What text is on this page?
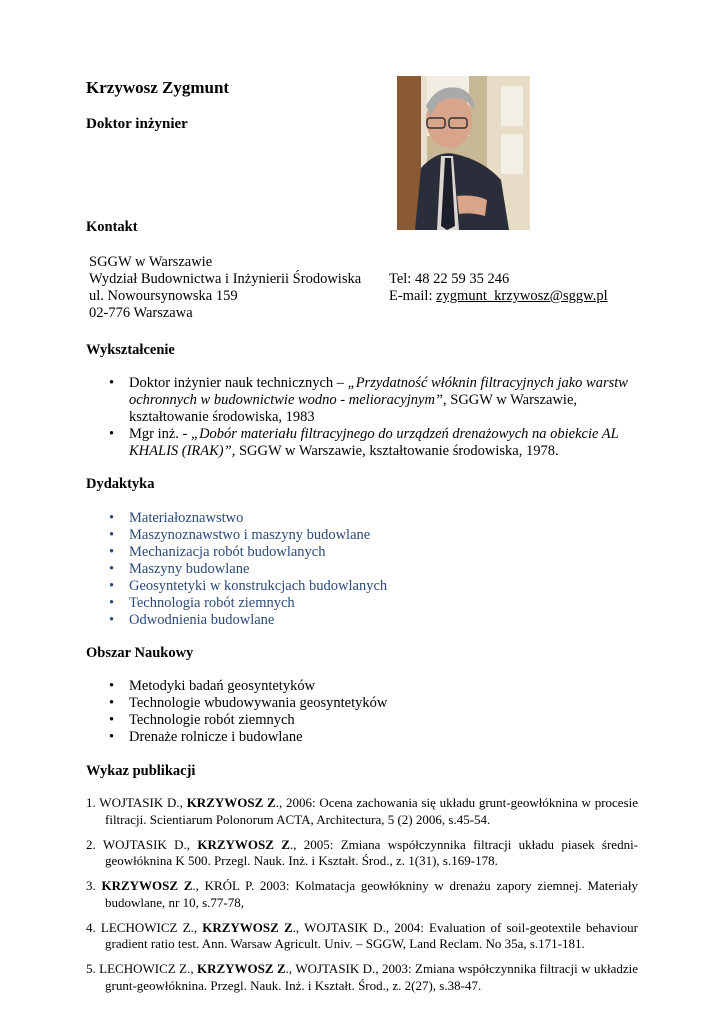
Krzywosz Zygmunt
Doktor inżynier
Kontakt
SGGW w Warszawie
Wydział Budownictwa i Inżynierii Środowiska
ul. Nowoursynowska 159
02-776 Warszawa
Tel: 48 22 59 35 246
E-mail: zygmunt_krzywosz@sggw.pl
Wykształcenie
• Doktor inżynier nauk technicznych – „Przydatność włóknin filtracyjnych jako warstw ochronnych w budownictwie wodno - melioracyjnym”, SGGW w Warszawie, kształtowanie środowiska, 1983
• Mgr inż. - „Dobór materiału filtracyjnego do urządzeń drenażowych na obiekcie AL KHALIS (IRAK)”, SGGW w Warszawie, kształtowanie środowiska, 1978.
Dydaktyka
• Materiałoznawstwo
• Maszynoznawstwo i maszyny budowlane
• Mechanizacja robót budowlanych
• Maszyny budowlane
• Geosyntetyki w konstrukcjach budowlanych
• Technologia robót ziemnych
• Odwodnienia budowlane
Obszar Naukowy
• Metodyki badań geosyntetyków
• Technologie wbudowywania geosyntetyków
• Technologie robót ziemnych
• Drenaże rolnicze i budowlane
Wykaz publikacji
1. WOJTASIK D., KRZYWOSZ Z., 2006: Ocena zachowania się układu grunt-geowłóknina w procesie filtracji. Scientiarum Polonorum ACTA, Architectura, 5 (2) 2006, s.45-54.
2. WOJTASIK D., KRZYWOSZ Z., 2005: Zmiana współczynnika filtracji układu piasek średni-geowłóknina K 500. Przegl. Nauk. Inż. i Kształt. Środ., z. 1(31), s.169-178.
3. KRZYWOSZ Z., KRÓL P. 2003: Kolmatacja geowłókniny w drenażu zapory ziemnej. Materiały budowlane, nr 10, s.77-78,
4. LECHOWICZ Z., KRZYWOSZ Z., WOJTASIK D., 2004: Evaluation of soil-geotextile behaviour gradient ratio test. Ann. Warsaw Agricult. Univ. – SGGW, Land Reclam. No 35a, s.171-181.
5. LECHOWICZ Z., KRZYWOSZ Z., WOJTASIK D., 2003: Zmiana współczynnika filtracji w układzie grunt-geowłóknina. Przegl. Nauk. Inż. i Kształt. Środ., z. 2(27), s.38-47.
